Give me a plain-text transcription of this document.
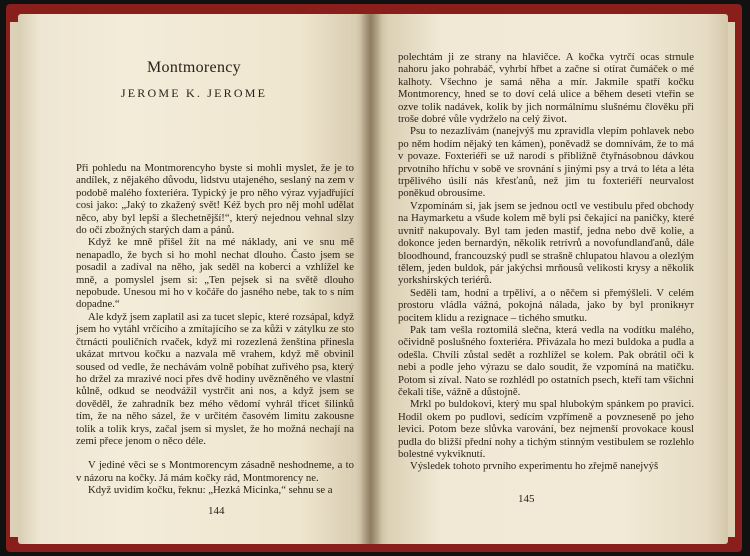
Montmorency
JEROME K. JEROME

Při pohledu na Montmorencyho byste si mohli myslet, že je to andílek, z nějakého důvodu, lidstvu utajeného, seslaný na zem v podobě malého foxteriéra. Typický je pro něho výraz vyjadřující cosi jako: „Jaký to zkažený svět! Kéž bych pro něj mohl udělat něco, aby byl lepší a šlechetnější!“, který nejednou vehnal slzy do očí zbožných starých dam a pánů.

Když ke mně přišel žít na mé náklady, ani ve snu mě nenapadlo, že bych si ho mohl nechat dlouho. Často jsem se posadil a zadíval na něho, jak seděl na koberci a vzhlížel ke mně, a pomyslel jsem si: „Ten pejsek si na světě dlouho nepobude. Unesou mi ho v kočáře do jasného nebe, tak to s ním dopadne.“

Ale když jsem zaplatil asi za tucet slepic, které rozsápal, když jsem ho vytáhl vrčícího a zmítajícího se za kůži v zátylku ze sto čtrnácti pouličních rvaček, když mi rozezlená ženština přinesla ukázat mrtvou kočku a nazvala mě vrahem, když mě obvinil soused od vedle, že nechávám volně pobíhat zuřivého psa, který ho držel za mrazivé noci přes dvě hodiny uvězněného ve vlastní kůlně, odkud se neodvážil vystrčit ani nos, a když jsem se dověděl, že zahradník bez mého vědomí vyhrál třicet šilinků tím, že na něho sázel, že v určitém časovém limitu zakousne tolik a tolik krys, začal jsem si myslet, že ho možná nechají na zemi přece jenom o něco déle.

V jediné věci se s Montmorencym zásadně neshodneme, a to v názoru na kočky. Já mám kočky rád, Montmorency ne.

Když uvidím kočku, řeknu: „Hezká Micinka,“ sehnu se a

144

polechtám ji ze strany na hlavičce. A kočka vytrčí ocas strnule nahoru jako pohrabáč, vyhrbí hřbet a začne si otírat čumáček o mé kalhoty. Všechno je samá něha a mír. Jakmile spatří kočku Montmorency, hned se to doví celá ulice a během deseti vteřin se ozve tolik nadávek, kolik by jich normálnímu slušnému člověku při troše dobré vůle vydrželo na celý život.

Psu to nezazlívám (nanejvýš mu zpravidla vlepím pohlavek nebo po něm hodím nějaký ten kámen), poněvadž se domnívám, že to má v povaze. Foxteriéři se už narodí s přibližně čtyřnásobnou dávkou prvotního hříchu v sobě ve srovnání s jinými psy a trvá to léta a léta trpělivého úsilí nás křesťanů, než jim tu foxteriéří neurvalost poněkud obrousíme.

Vzpomínám si, jak jsem se jednou octl ve vestibulu před obchody na Haymarketu a všude kolem mě byli psi čekající na paničky, které uvnitř nakupovaly. Byl tam jeden mastif, jedna nebo dvě kolie, a dokonce jeden bernardýn, několik retrívrů a novofundlanďanů, dále bloodhound, francouzský pudl se strašně chlupatou hlavou a olezlým tělem, jeden buldok, pár jakýchsi mrňousů velikosti krysy a několik yorkshirských teriérů.

Seděli tam, hodní a trpěliví, a o něčem si přemýšleli. V celém prostoru vládla vážná, pokojná nálada, jako by byl pronikнут pocitem klidu a rezignace – tichého smutku.

Pak tam vešla roztomilá slečna, která vedla na vodítku malého, očividně poslušného foxteriéra. Přivázala ho mezi buldoka a pudla a odešla. Chvíli zůstal sedět a rozhlížel se kolem. Pak obrátil oči k nebi a podle jeho výrazu se dalo soudit, že vzpomíná na matičku. Potom si zíval. Nato se rozhlédl po ostatních psech, kteří tam všichni čekali tiše, vážně a důstojně.

Mrkl po buldokovi, který mu spal hlubokým spánkem po pravici. Hodil okem po pudlovi, sedícím vzpřímeně a povzneseně po jeho levici. Potom beze slůvka varování, bez nejmenší provokace kousl pudla do bližší přední nohy a tichým stinným vestibulem se rozlehlo bolestné vykviknutí.

Výsledek tohoto prvního experimentu ho zřejmě nanejvýš

145
